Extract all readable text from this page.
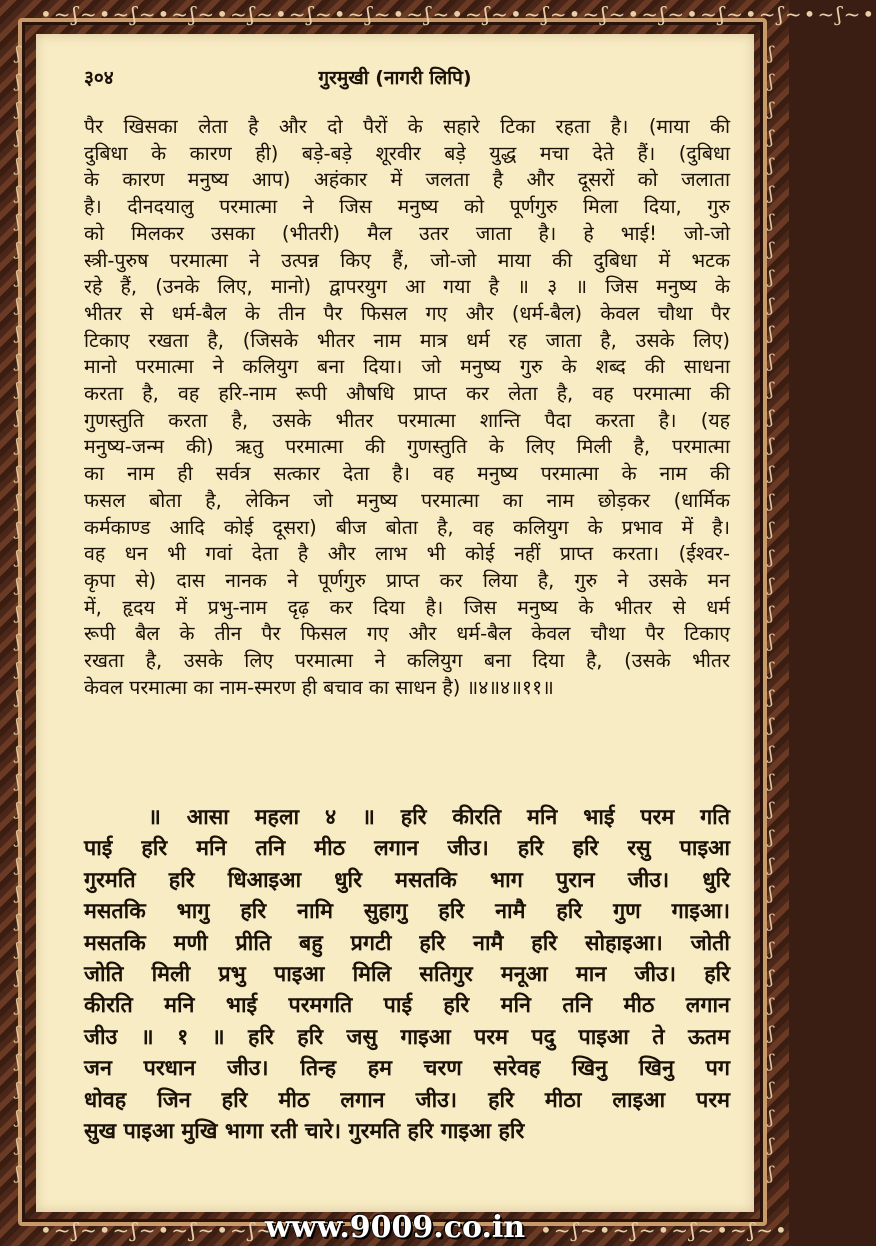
•~ʃ~•~ʃ~•~ʃ~•~ʃ~•~ʃ~•~ʃ~•~ʃ~•~ʃ~•~ʃ~•~ʃ~•~ʃ~•~ʃ~•~ʃ~•~ʃ~•
ʃ
ʃ
ʃ
ʃ
ʃ
ʃ
ʃ
ʃ
ʃ
ʃ
ʃ
ʃ
ʃ
ʃ
ʃ
ʃ
ʃ
ʃ
ʃ
ʃ
ʃ
ʃ
ʃ
ʃ
ʃ
ʃ
ʃ
ʃ
ʃ
ʃ
ʃ
ʃ
ʃ
ʃ
ʃ
ʃ
ʃ
ʃ
ʃ
ʃ
ʃ
ʃ
ʃ
ʃ
ʃ
ʃ
ʃ
ʃ
ʃ
ʃ
ʃ
ʃ
ʃ
ʃ
ʃ
ʃ
ʃ
ʃ
ʃ
ʃ
ʃ
ʃ
ʃ
ʃ
ʃ
ʃ
ʃ
ʃ
ʃ
ʃ
ʃ
ʃ
ʃ
ʃ
ʃ
ʃ
ʃ
ʃ
ʃ
ʃ
ʃ
ʃ
३०४	गुरमुखी (नागरी लिपि)
पैर खिसका लेता है और दो पैरों के सहारे टिका रहता है। (माया की
दुबिधा के कारण ही) बड़े-बड़े शूरवीर बड़े युद्ध मचा देते हैं। (दुबिधा
के कारण मनुष्य आप) अहंकार में जलता है और दूसरों को जलाता
है। दीनदयालु परमात्मा ने जिस मनुष्य को पूर्णगुरु मिला दिया, गुरु
को मिलकर उसका (भीतरी) मैल उतर जाता है। हे भाई! जो-जो
स्त्री-पुरुष परमात्मा ने उत्पन्न किए हैं, जो-जो माया की दुबिधा में भटक
रहे हैं, (उनके लिए, मानो) द्वापरयुग आ गया है ॥ ३ ॥ जिस मनुष्य के
भीतर से धर्म-बैल के तीन पैर फिसल गए और (धर्म-बैल) केवल चौथा पैर
टिकाए रखता है, (जिसके भीतर नाम मात्र धर्म रह जाता है, उसके लिए)
मानो परमात्मा ने कलियुग बना दिया। जो मनुष्य गुरु के शब्द की साधना
करता है, वह हरि-नाम रूपी औषधि प्राप्त कर लेता है, वह परमात्मा की
गुणस्तुति करता है, उसके भीतर परमात्मा शान्ति पैदा करता है। (यह
मनुष्य-जन्म की) ऋतु परमात्मा की गुणस्तुति के लिए मिली है, परमात्मा
का नाम ही सर्वत्र सत्कार देता है। वह मनुष्य परमात्मा के नाम की
फसल बोता है, लेकिन जो मनुष्य परमात्मा का नाम छोड़कर (धार्मिक
कर्मकाण्ड आदि कोई दूसरा) बीज बोता है, वह कलियुग के प्रभाव में है।
वह धन भी गवां देता है और लाभ भी कोई नहीं प्राप्त करता। (ईश्वर-
कृपा से) दास नानक ने पूर्णगुरु प्राप्त कर लिया है, गुरु ने उसके मन
में, हृदय में प्रभु-नाम दृढ़ कर दिया है। जिस मनुष्य के भीतर से धर्म
रूपी बैल के तीन पैर फिसल गए और धर्म-बैल केवल चौथा पैर टिकाए
रखता है, उसके लिए परमात्मा ने कलियुग बना दिया है, (उसके भीतर
केवल परमात्मा का नाम-स्मरण ही बचाव का साधन है) ॥४॥४॥११॥
॥ आसा महला ४ ॥ हरि कीरति मनि भाई परम गति
पाई हरि मनि तनि मीठ लगान जीउ। हरि हरि रसु पाइआ
गुरमति हरि धिआइआ धुरि मसतकि भाग पुरान जीउ। धुरि
मसतकि भागु हरि नामि सुहागु हरि नामै हरि गुण गाइआ।
मसतकि मणी प्रीति बहु प्रगटी हरि नामै हरि सोहाइआ। जोती
जोति मिली प्रभु पाइआ मिलि सतिगुर मनूआ मान जीउ। हरि
कीरति मनि भाई परमगति पाई हरि मनि तनि मीठ लगान
जीउ ॥ १ ॥ हरि हरि जसु गाइआ परम पदु पाइआ ते ऊतम
जन परधान जीउ। तिन्ह हम चरण सरेवह खिनु खिनु पग
धोवह जिन हरि मीठ लगान जीउ। हरि मीठा लाइआ परम
सुख पाइआ मुखि भागा रती चारे। गुरमति हरि गाइआ हरि
•~ʃ~•~ʃ~•~ʃ~•~ʃ~•
www.9009.co.in •~ʃ~•~ʃ~•~ʃ~•~ʃ~•
